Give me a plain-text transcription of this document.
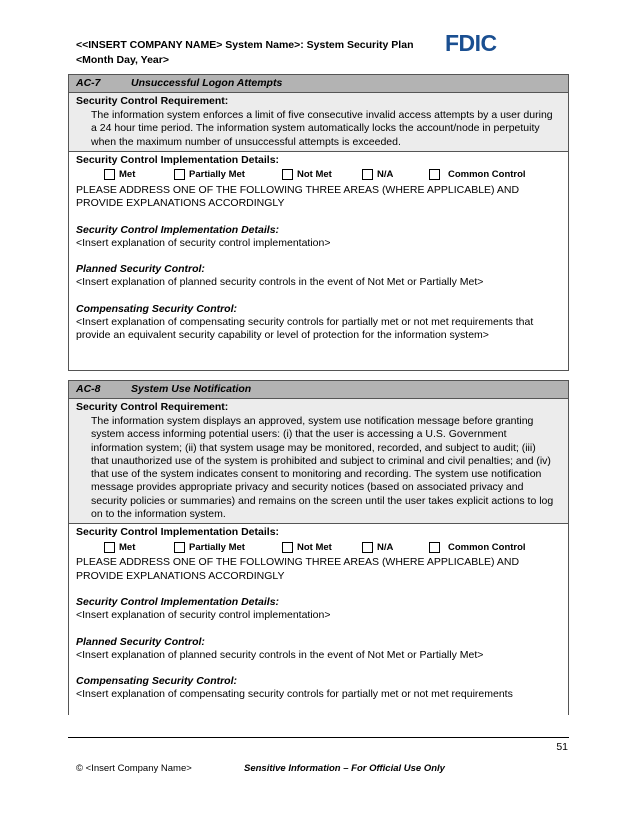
<<INSERT COMPANY NAME> System Name>: System Security Plan
<Month Day, Year>
FDIC
AC-7	Unsuccessful Logon Attempts
Security Control Requirement:
The information system enforces a limit of five consecutive invalid access attempts by a user during a 24 hour time period. The information system automatically locks the account/node in perpetuity when the maximum number of unsuccessful attempts is exceeded.
Security Control Implementation Details:
Met	Partially Met	Not Met	N/A	Common Control
PLEASE ADDRESS ONE OF THE FOLLOWING THREE AREAS (WHERE APPLICABLE) AND PROVIDE EXPLANATIONS ACCORDINGLY
Security Control Implementation Details:
<Insert explanation of security control implementation>
Planned Security Control:
<Insert explanation of planned security controls in the event of Not Met or Partially Met>
Compensating Security Control:
<Insert explanation of compensating security controls for partially met or not met requirements that provide an equivalent security capability or level of protection for the information system>
AC-8	System Use Notification
Security Control Requirement:
The information system displays an approved, system use notification message before granting system access informing potential users: (i) that the user is accessing a U.S. Government information system; (ii) that system usage may be monitored, recorded, and subject to audit; (iii) that unauthorized use of the system is prohibited and subject to criminal and civil penalties; and (iv) that use of the system indicates consent to monitoring and recording. The system use notification message provides appropriate privacy and security notices (based on associated privacy and security policies or summaries) and remains on the screen until the user takes explicit actions to log on to the information system.
Security Control Implementation Details:
Met	Partially Met	Not Met	N/A	Common Control
PLEASE ADDRESS ONE OF THE FOLLOWING THREE AREAS (WHERE APPLICABLE) AND PROVIDE EXPLANATIONS ACCORDINGLY
Security Control Implementation Details:
<Insert explanation of security control implementation>
Planned Security Control:
<Insert explanation of planned security controls in the event of Not Met or Partially Met>
Compensating Security Control:
<Insert explanation of compensating security controls for partially met or not met requirements
51
© <Insert Company Name>	Sensitive Information – For Official Use Only
